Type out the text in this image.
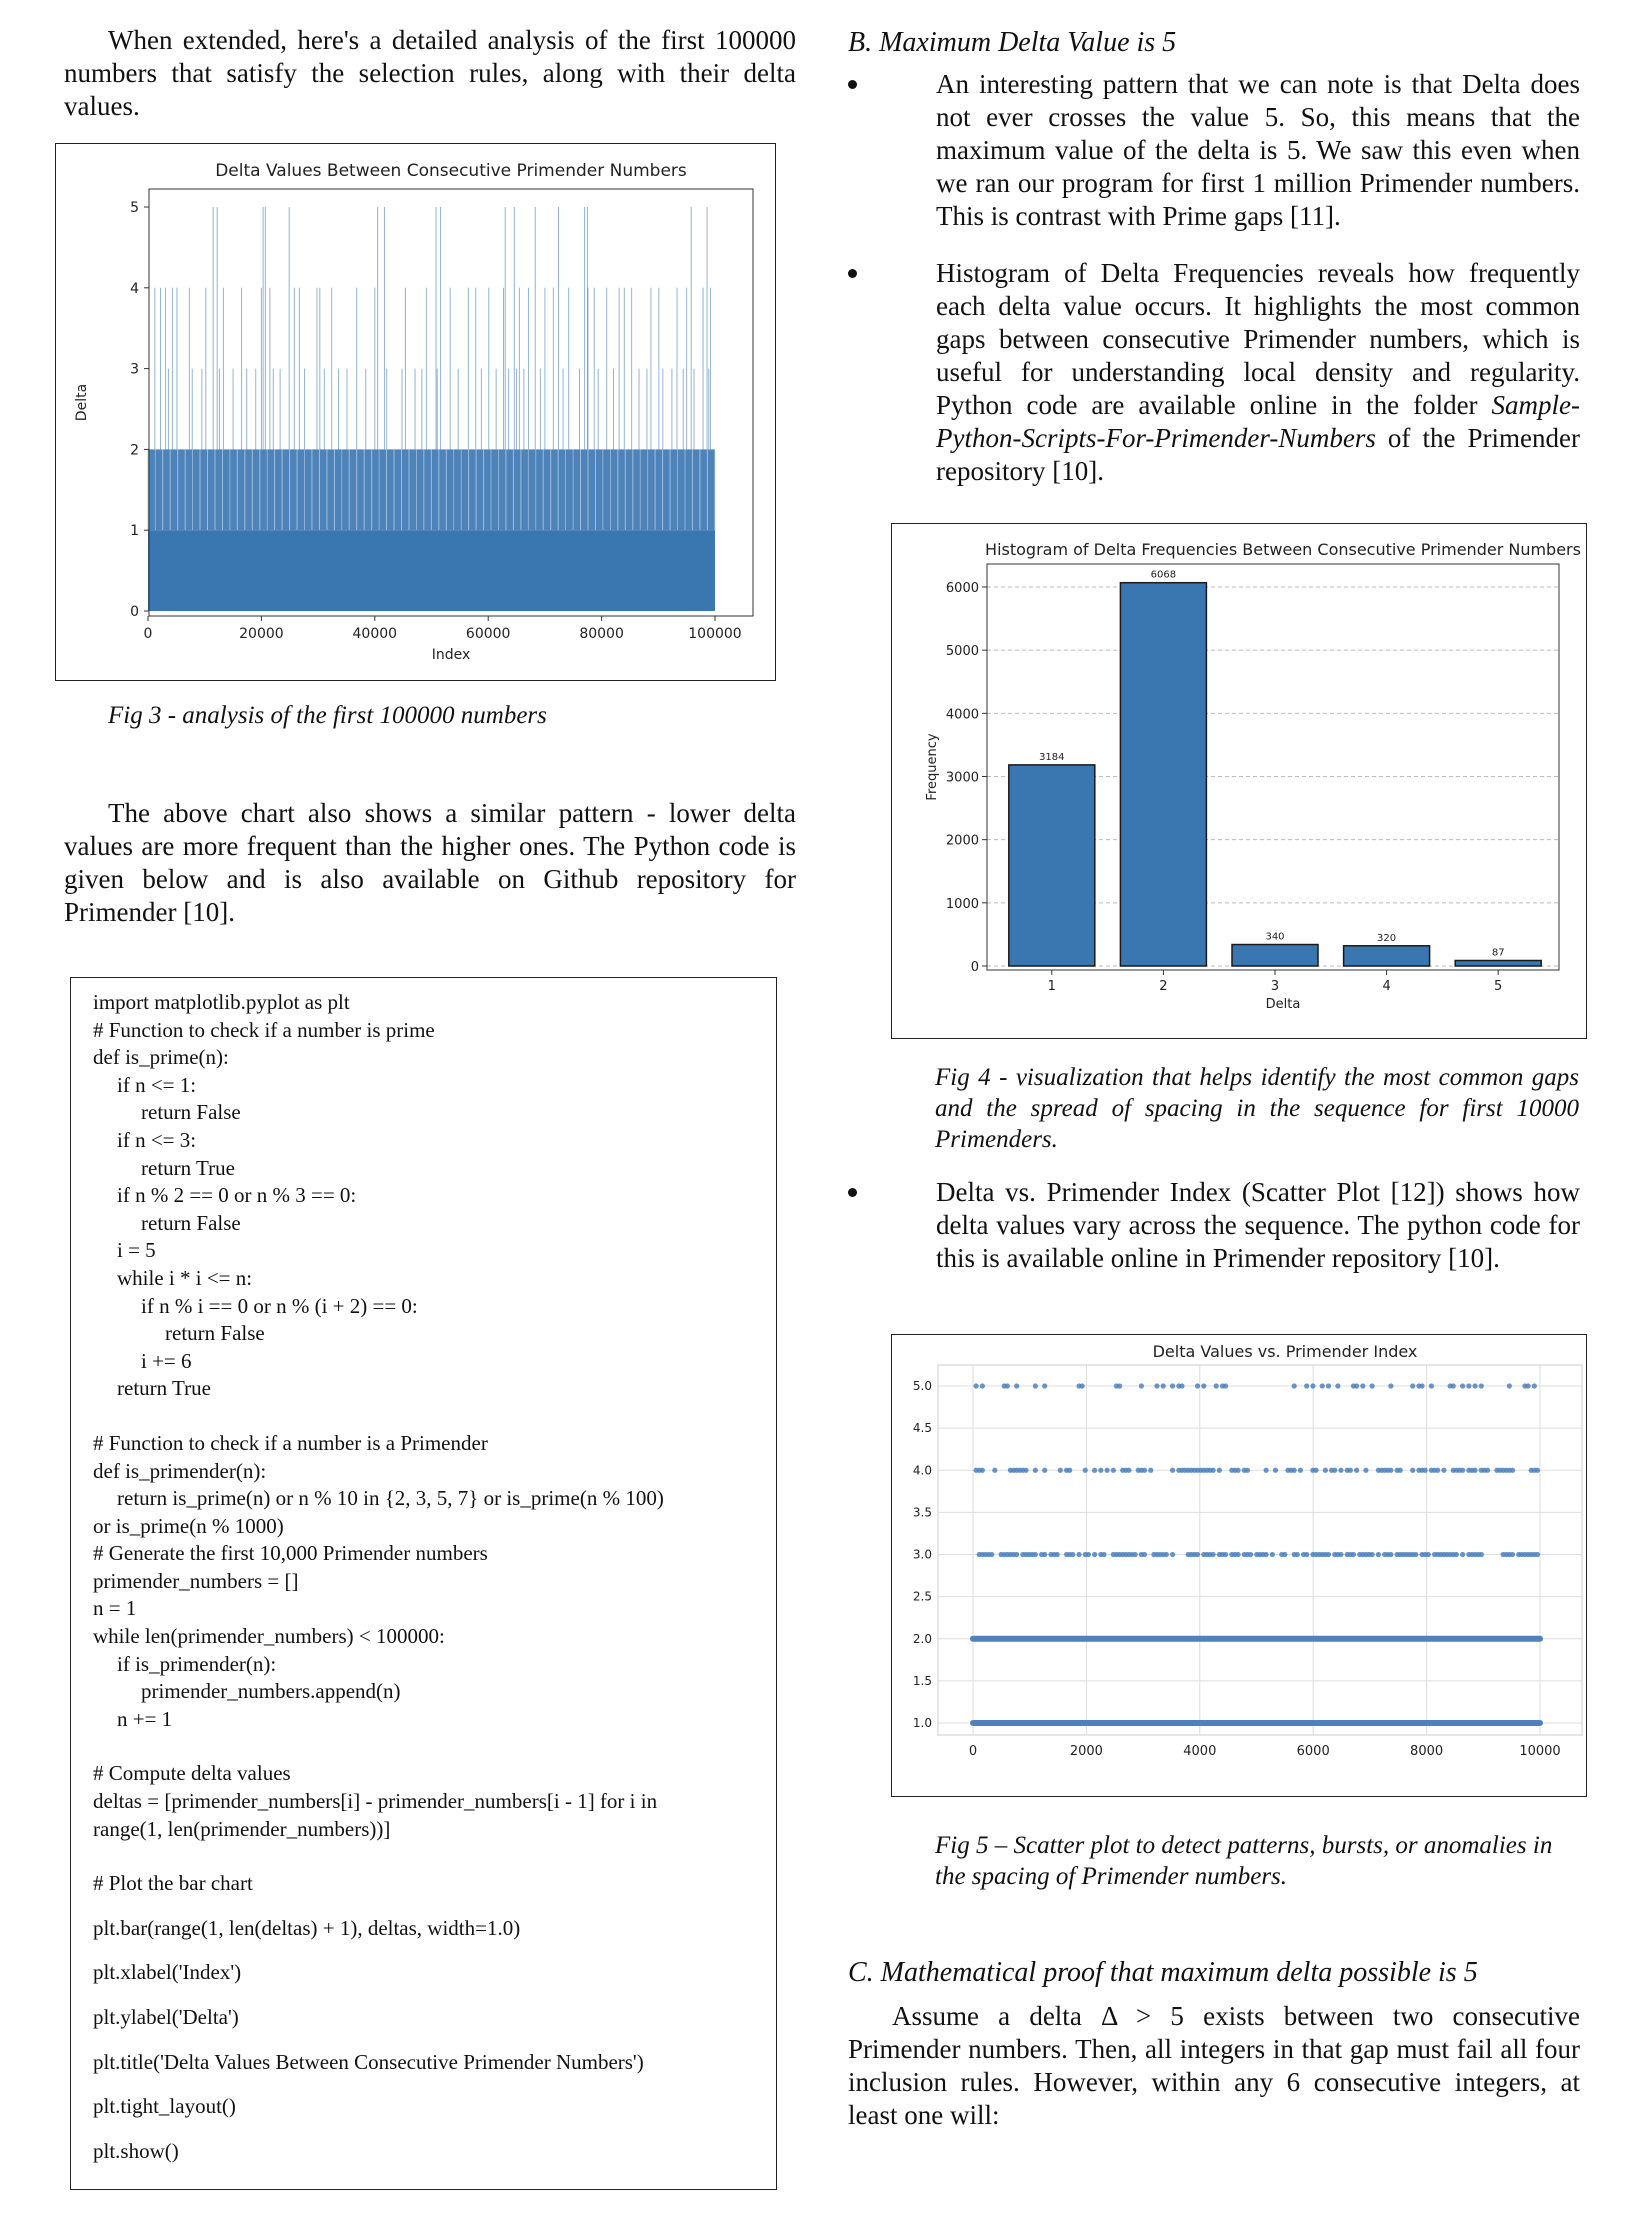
When extended, here's a detailed analysis of the first 100000 numbers that satisfy the selection rules, along with their delta values.

Delta Values Between Consecutive Primender Numbers
0
1
2
3
4
5
0	20000	40000	60000	80000	100000
Index
Delta
Fig 3 - analysis of the first 100000 numbers

The above chart also shows a similar pattern - lower delta values are more frequent than the higher ones. The Python code is given below and is also available on Github repository for Primender [10].

import matplotlib.pyplot as plt
# Function to check if a number is prime
def is_prime(n):
if n <= 1:
return False
if n <= 3:
return True
if n % 2 == 0 or n % 3 == 0:
return False
i = 5
while i * i <= n:
if n % i == 0 or n % (i + 2) == 0:
return False
i += 6
return True
# Function to check if a number is a Primender
def is_primender(n):
return is_prime(n) or n % 10 in {2, 3, 5, 7} or is_prime(n % 100)
or is_prime(n % 1000)
# Generate the first 10,000 Primender numbers
primender_numbers = []
n = 1
while len(primender_numbers) < 100000:
if is_primender(n):
primender_numbers.append(n)
n += 1
# Compute delta values
deltas = [primender_numbers[i] - primender_numbers[i - 1] for i in
range(1, len(primender_numbers))]
# Plot the bar chart
plt.bar(range(1, len(deltas) + 1), deltas, width=1.0)
plt.xlabel('Index')
plt.ylabel('Delta')
plt.title('Delta Values Between Consecutive Primender Numbers')
plt.tight_layout()
plt.show()
B. Maximum Delta Value is 5

An interesting pattern that we can note is that Delta does not ever crosses the value 5. So, this means that the maximum value of the delta is 5. We saw this even when we ran our program for first 1 million Primender numbers. This is contrast with Prime gaps [11].

Histogram of Delta Frequencies reveals how frequently each delta value occurs. It highlights the most common gaps between consecutive Primender numbers, which is useful for understanding local density and regularity. Python code are available online in the folder Sample-Python-Scripts-For-Primender-Numbers of the Primender repository [10].

Histogram of Delta Frequencies Between Consecutive Primender Numbers
0
1000
2000
3000
4000
5000
6000
3184
1
6068
2
340
3
320
4
87
5
Delta
Frequency
Fig 4 - visualization that helps identify the most common gaps and the spread of spacing in the sequence for first 10000 Primenders.

Delta vs. Primender Index (Scatter Plot [12]) shows how delta values vary across the sequence. The python code for this is available online in Primender repository [10].

Delta Values vs. Primender Index
0	2000	4000	6000	8000	10000
1.0
1.5
2.0
2.5
3.0
3.5
4.0
4.5
5.0
Fig 5 – Scatter plot to detect patterns, bursts, or anomalies in the spacing of Primender numbers.
C. Mathematical proof that maximum delta possible is 5

Assume a delta Δ > 5 exists between two consecutive Primender numbers. Then, all integers in that gap must fail all four inclusion rules. However, within any 6 consecutive integers, at least one will:
